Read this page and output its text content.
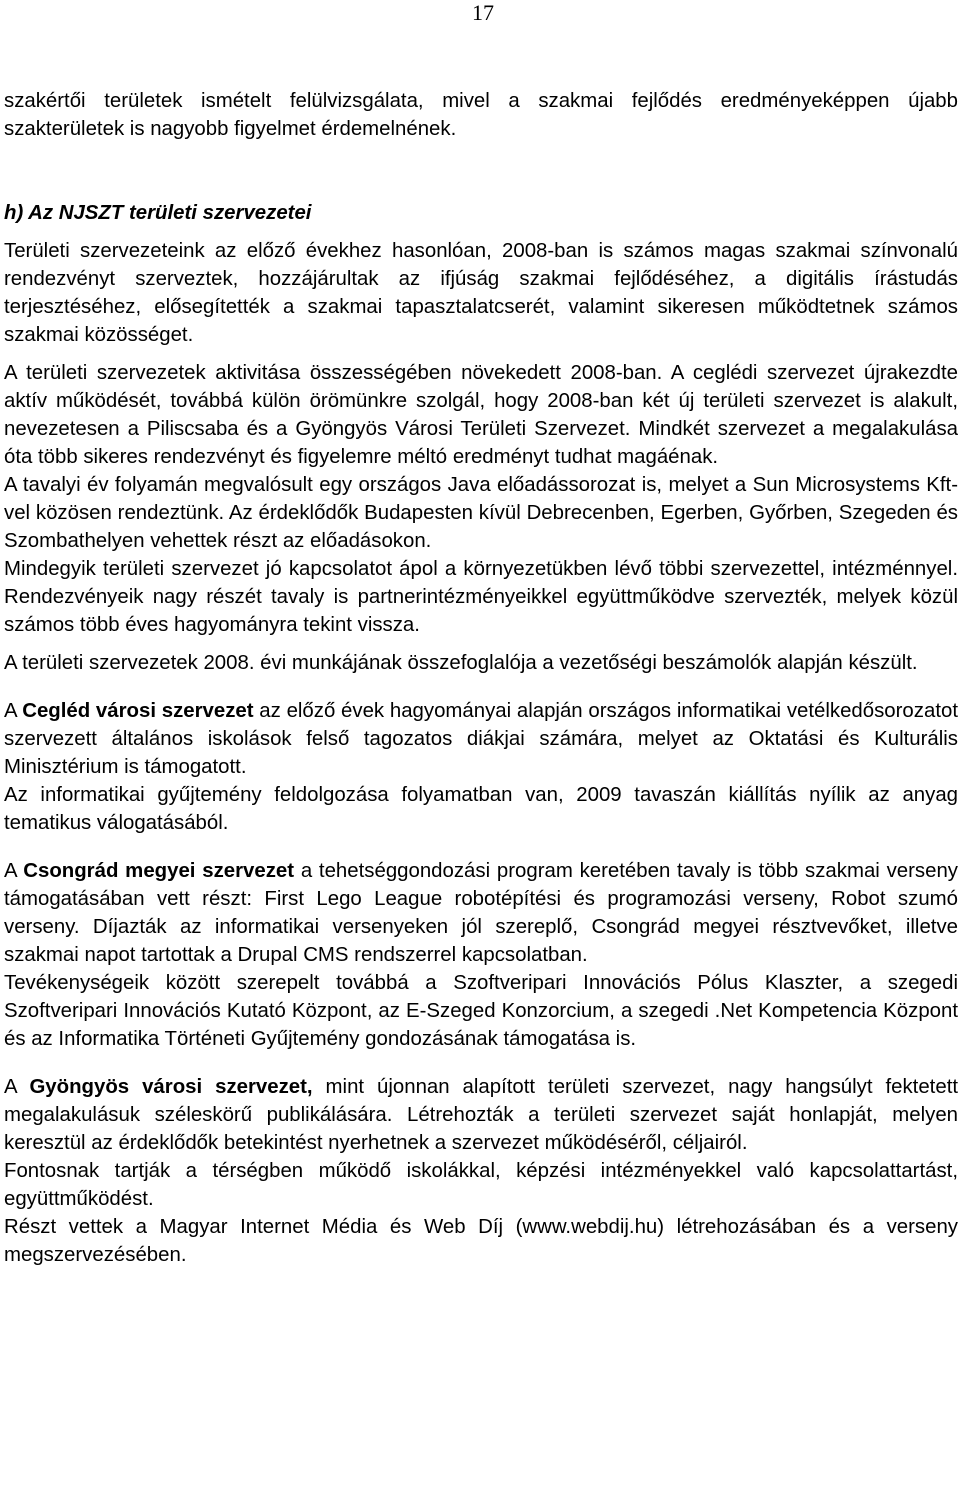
17

szakértői területek ismételt felülvizsgálata, mivel a szakmai fejlődés eredményeképpen újabb szakterületek is nagyobb figyelmet érdemelnének.

h) Az NJSZT területi szervezetei

Területi szervezeteink az előző évekhez hasonlóan, 2008-ban is számos magas szakmai színvonalú rendezvényt szerveztek, hozzájárultak az ifjúság szakmai fejlődéséhez, a digitális írástudás terjesztéséhez, elősegítették a szakmai tapasztalatcserét, valamint sikeresen működtetnek számos szakmai közösséget.

A területi szervezetek aktivitása összességében növekedett 2008-ban. A ceglédi szervezet újrakezdte aktív működését, továbbá külön örömünkre szolgál, hogy 2008-ban két új területi szervezet is alakult, nevezetesen a Piliscsaba és a Gyöngyös Városi Területi Szervezet. Mindkét szervezet a megalakulása óta több sikeres rendezvényt és figyelemre méltó eredményt tudhat magáénak.

A tavalyi év folyamán megvalósult egy országos Java előadássorozat is, melyet a Sun Microsystems Kft-vel közösen rendeztünk. Az érdeklődők Budapesten kívül Debrecenben, Egerben, Győrben, Szegeden és Szombathelyen vehettek részt az előadásokon.

Mindegyik területi szervezet jó kapcsolatot ápol a környezetükben lévő többi szervezettel, intézménnyel. Rendezvényeik nagy részét tavaly is partnerintézményeikkel együttműködve szervezték, melyek közül számos több éves hagyományra tekint vissza.

A területi szervezetek 2008. évi munkájának összefoglalója a vezetőségi beszámolók alapján készült.

A Cegléd városi szervezet az előző évek hagyományai alapján országos informatikai vetélkedősorozatot szervezett általános iskolások felső tagozatos diákjai számára, melyet az Oktatási és Kulturális Minisztérium is támogatott.

Az informatikai gyűjtemény feldolgozása folyamatban van, 2009 tavaszán kiállítás nyílik az anyag tematikus válogatásából.

A Csongrád megyei szervezet a tehetséggondozási program keretében tavaly is több szakmai verseny támogatásában vett részt: First Lego League robotépítési és programozási verseny, Robot szumó verseny. Díjazták az informatikai versenyeken jól szereplő, Csongrád megyei résztvevőket, illetve szakmai napot tartottak a Drupal CMS rendszerrel kapcsolatban.

Tevékenységeik között szerepelt továbbá a Szoftveripari Innovációs Pólus Klaszter, a szegedi Szoftveripari Innovációs Kutató Központ, az E-Szeged Konzorcium, a szegedi .Net Kompetencia Központ és az Informatika Történeti Gyűjtemény gondozásának támogatása is.

A Gyöngyös városi szervezet, mint újonnan alapított területi szervezet, nagy hangsúlyt fektetett megalakulásuk széleskörű publikálására. Létrehozták a területi szervezet saját honlapját, melyen keresztül az érdeklődők betekintést nyerhetnek a szervezet működéséről, céljairól.

Fontosnak tartják a térségben működő iskolákkal, képzési intézményekkel való kapcsolattartást, együttműködést.

Részt vettek a Magyar Internet Média és Web Díj (www.webdij.hu) létrehozásában és a verseny megszervezésében.
